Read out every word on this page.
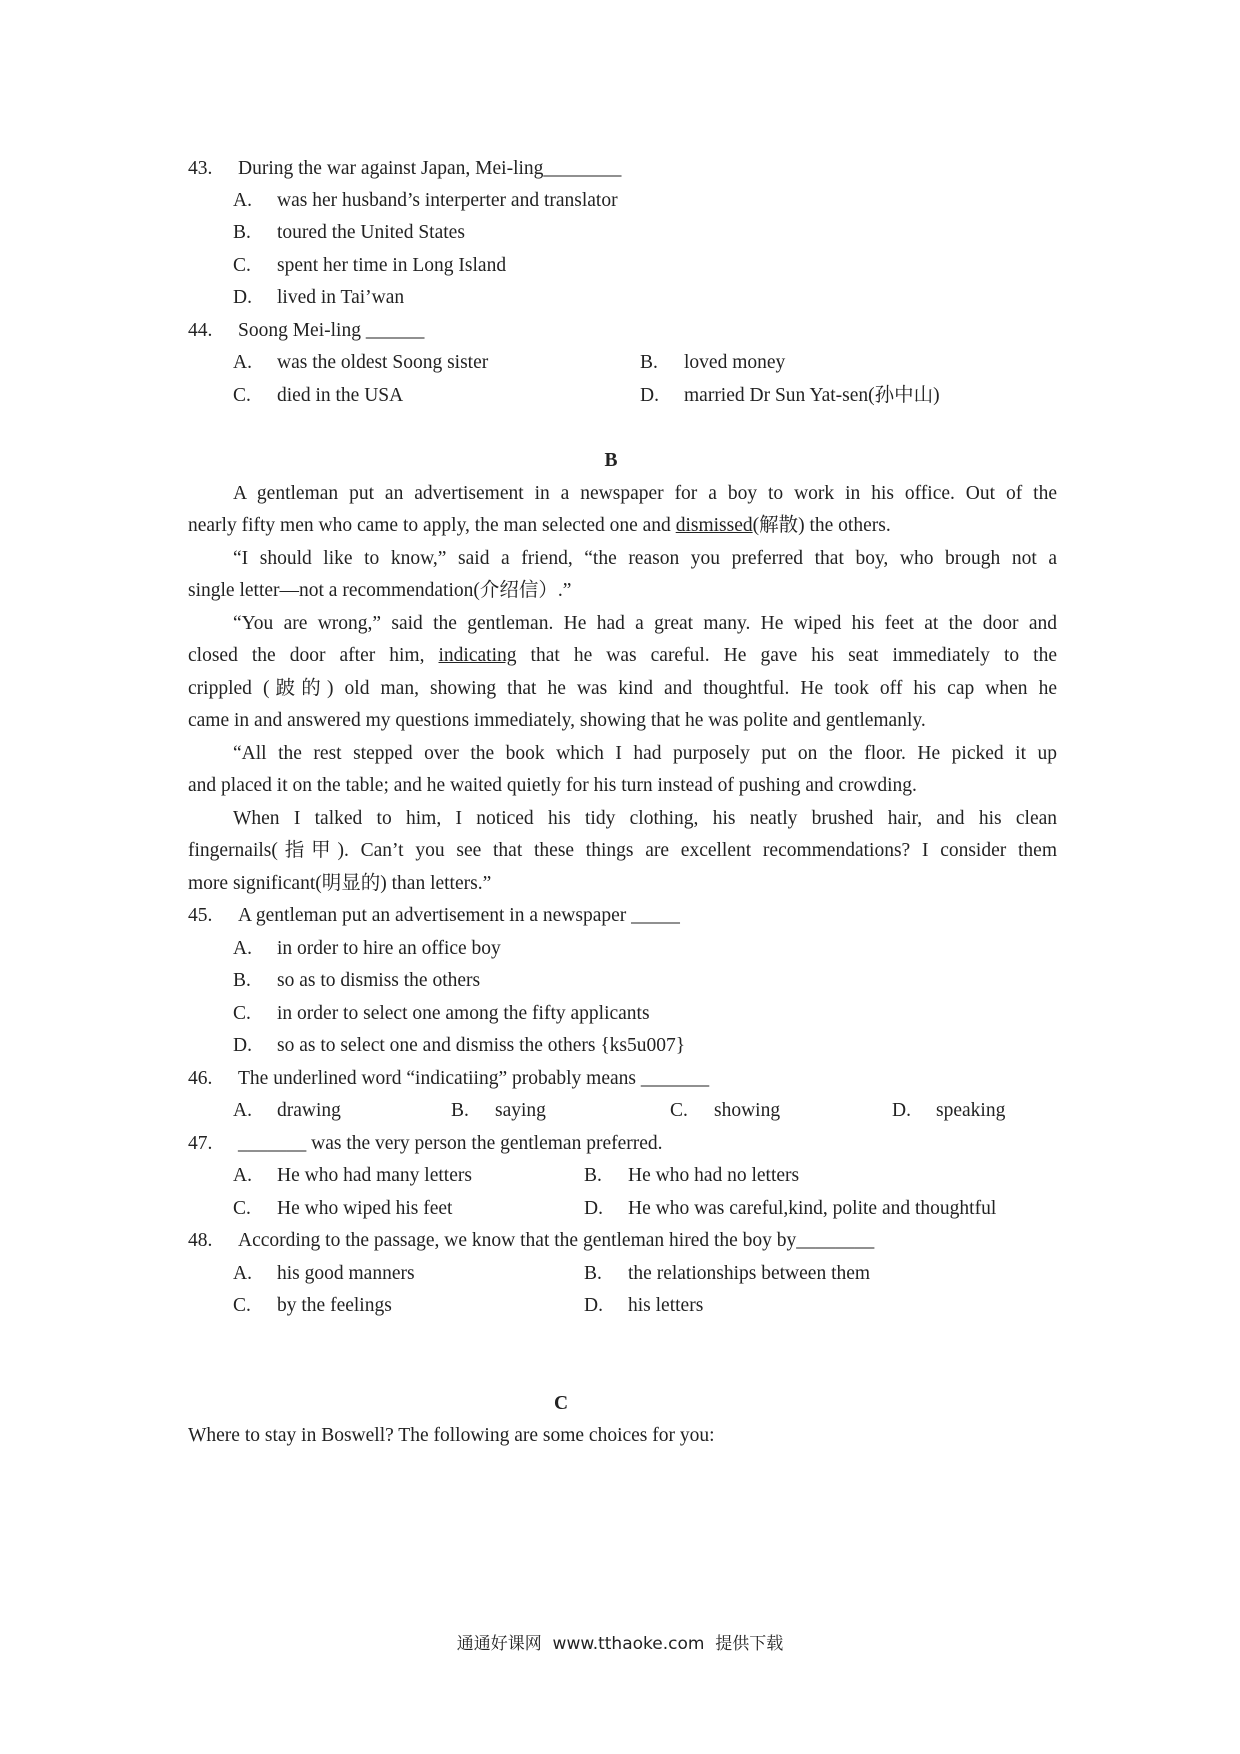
43. During the war against Japan, Mei-ling________
A. was her husband’s interperter and translator
B. toured the United States
C. spent her time in Long Island
D. lived in Tai’wan
44. Soong Mei-ling ______
A. was the oldest Soong sister	B. loved money
C. died in the USA	D. married Dr Sun Yat-sen(孙中山)
B
A gentleman put an advertisement in a newspaper for a boy to work in his office. Out of the
nearly fifty men who came to apply, the man selected one and dismissed(解散) the others.
“I should like to know,” said a friend, “the reason you preferred that boy, who brough not a
single letter—not a recommendation(介绍信）.”
“You are wrong,” said the gentleman. He had a great many. He wiped his feet at the door and
closed the door after him, indicating that he was careful. He gave his seat immediately to the
crippled (跛的) old man, showing that he was kind and thoughtful. He took off his cap when he
came in and answered my questions immediately, showing that he was polite and gentlemanly.
“All the rest stepped over the book which I had purposely put on the floor. He picked it up
and placed it on the table; and he waited quietly for his turn instead of pushing and crowding.
When I talked to him, I noticed his tidy clothing, his neatly brushed hair, and his clean
fingernails(指甲). Can’t you see that these things are excellent recommendations? I consider them
more significant(明显的) than letters.”
45. A gentleman put an advertisement in a newspaper _____
A. in order to hire an office boy
B. so as to dismiss the others
C. in order to select one among the fifty applicants
D. so as to select one and dismiss the others {ks5u007}
46. The underlined word “indicatiing” probably means _______
A. drawing	B. saying	C. showing	D. speaking
47. _______ was the very person the gentleman preferred.
A. He who had many letters	B. He who had no letters
C. He who wiped his feet	D. He who was careful,kind, polite and thoughtful
48. According to the passage, we know that the gentleman hired the boy by________
A. his good manners	B. the relationships between them
C. by the feelings	D. his letters
C
Where to stay in Boswell? The following are some choices for you:
通通好课网  www.tthaoke.com  提供下载
